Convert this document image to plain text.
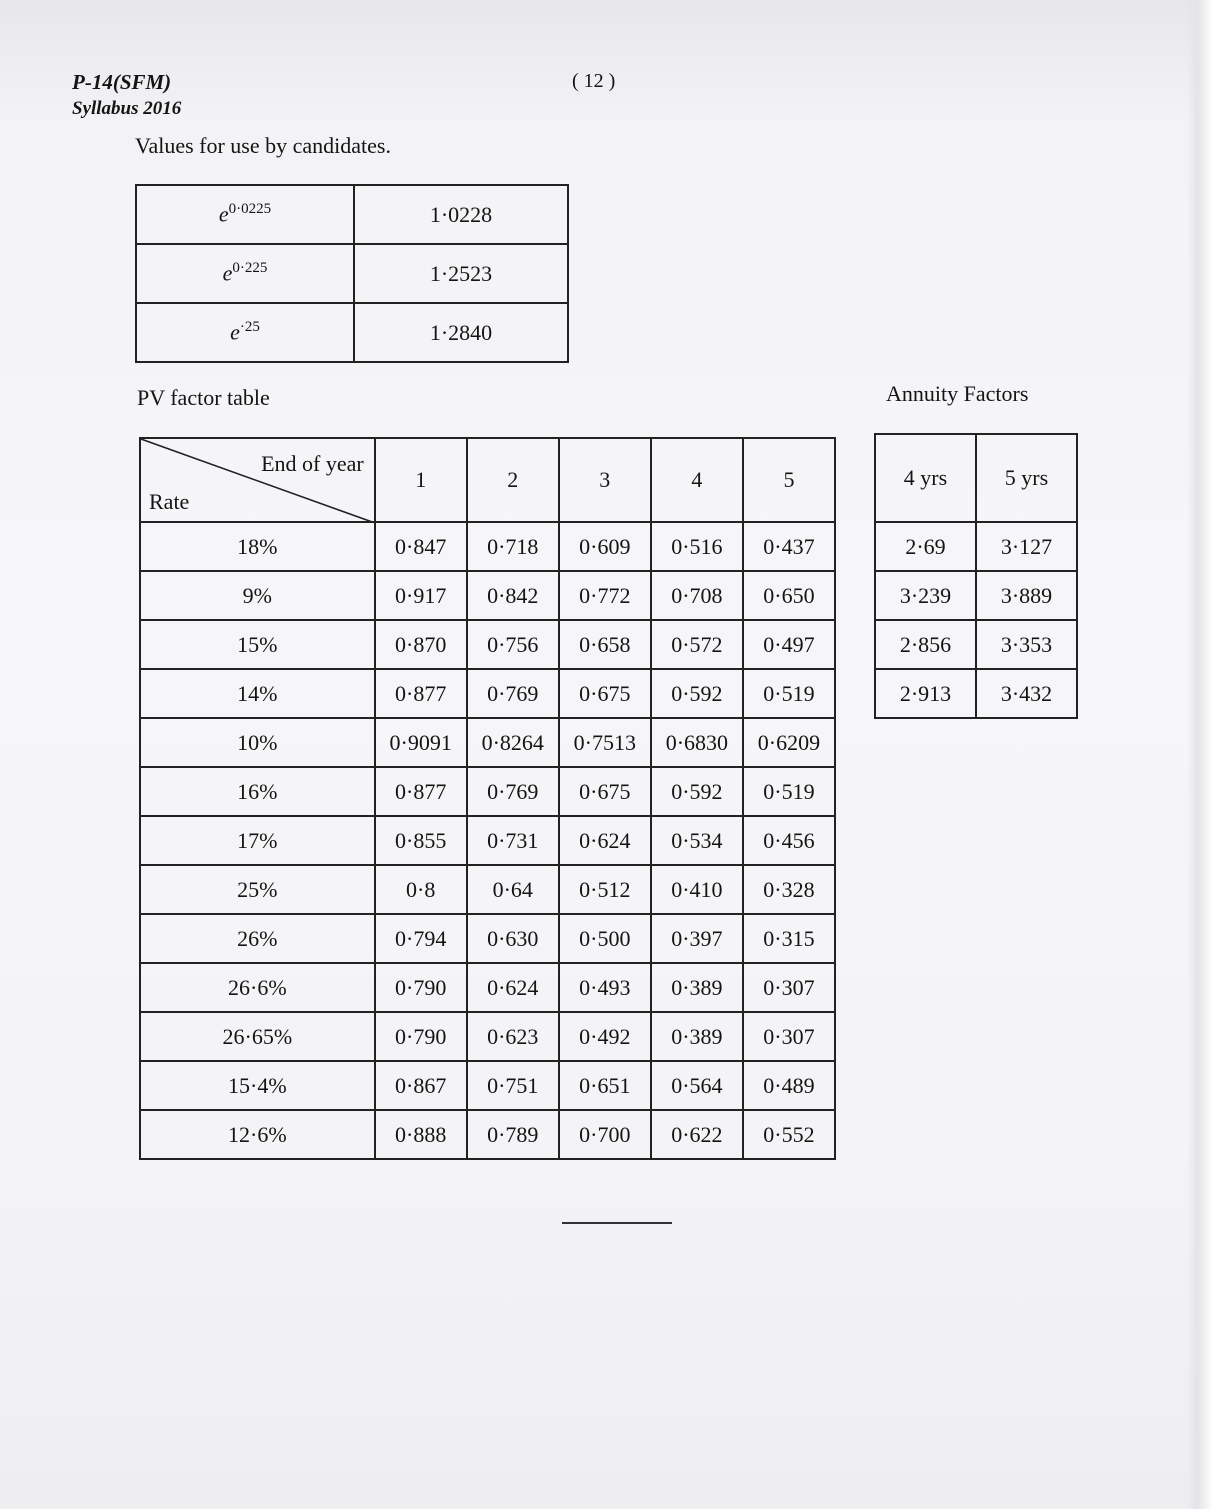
P-14(SFM)
Syllabus 2016
( 12 )
Values for use by candidates.
$e^{0\cdot 0225}$	1·0228
$e^{0\cdot 225}$	1·2523
$e^{\cdot 25}$	1·2840
PV factor table
End of year
Rate	1	2	3	4	5
18%	0·847	0·718	0·609	0·516	0·437
9%	0·917	0·842	0·772	0·708	0·650
15%	0·870	0·756	0·658	0·572	0·497
14%	0·877	0·769	0·675	0·592	0·519
10%	0·9091	0·8264	0·7513	0·6830	0·6209
16%	0·877	0·769	0·675	0·592	0·519
17%	0·855	0·731	0·624	0·534	0·456
25%	0·8	0·64	0·512	0·410	0·328
26%	0·794	0·630	0·500	0·397	0·315
26·6%	0·790	0·624	0·493	0·389	0·307
26·65%	0·790	0·623	0·492	0·389	0·307
15·4%	0·867	0·751	0·651	0·564	0·489
12·6%	0·888	0·789	0·700	0·622	0·552
Annuity Factors
4 yrs	5 yrs
2·69	3·127
3·239	3·889
2·856	3·353
2·913	3·432
